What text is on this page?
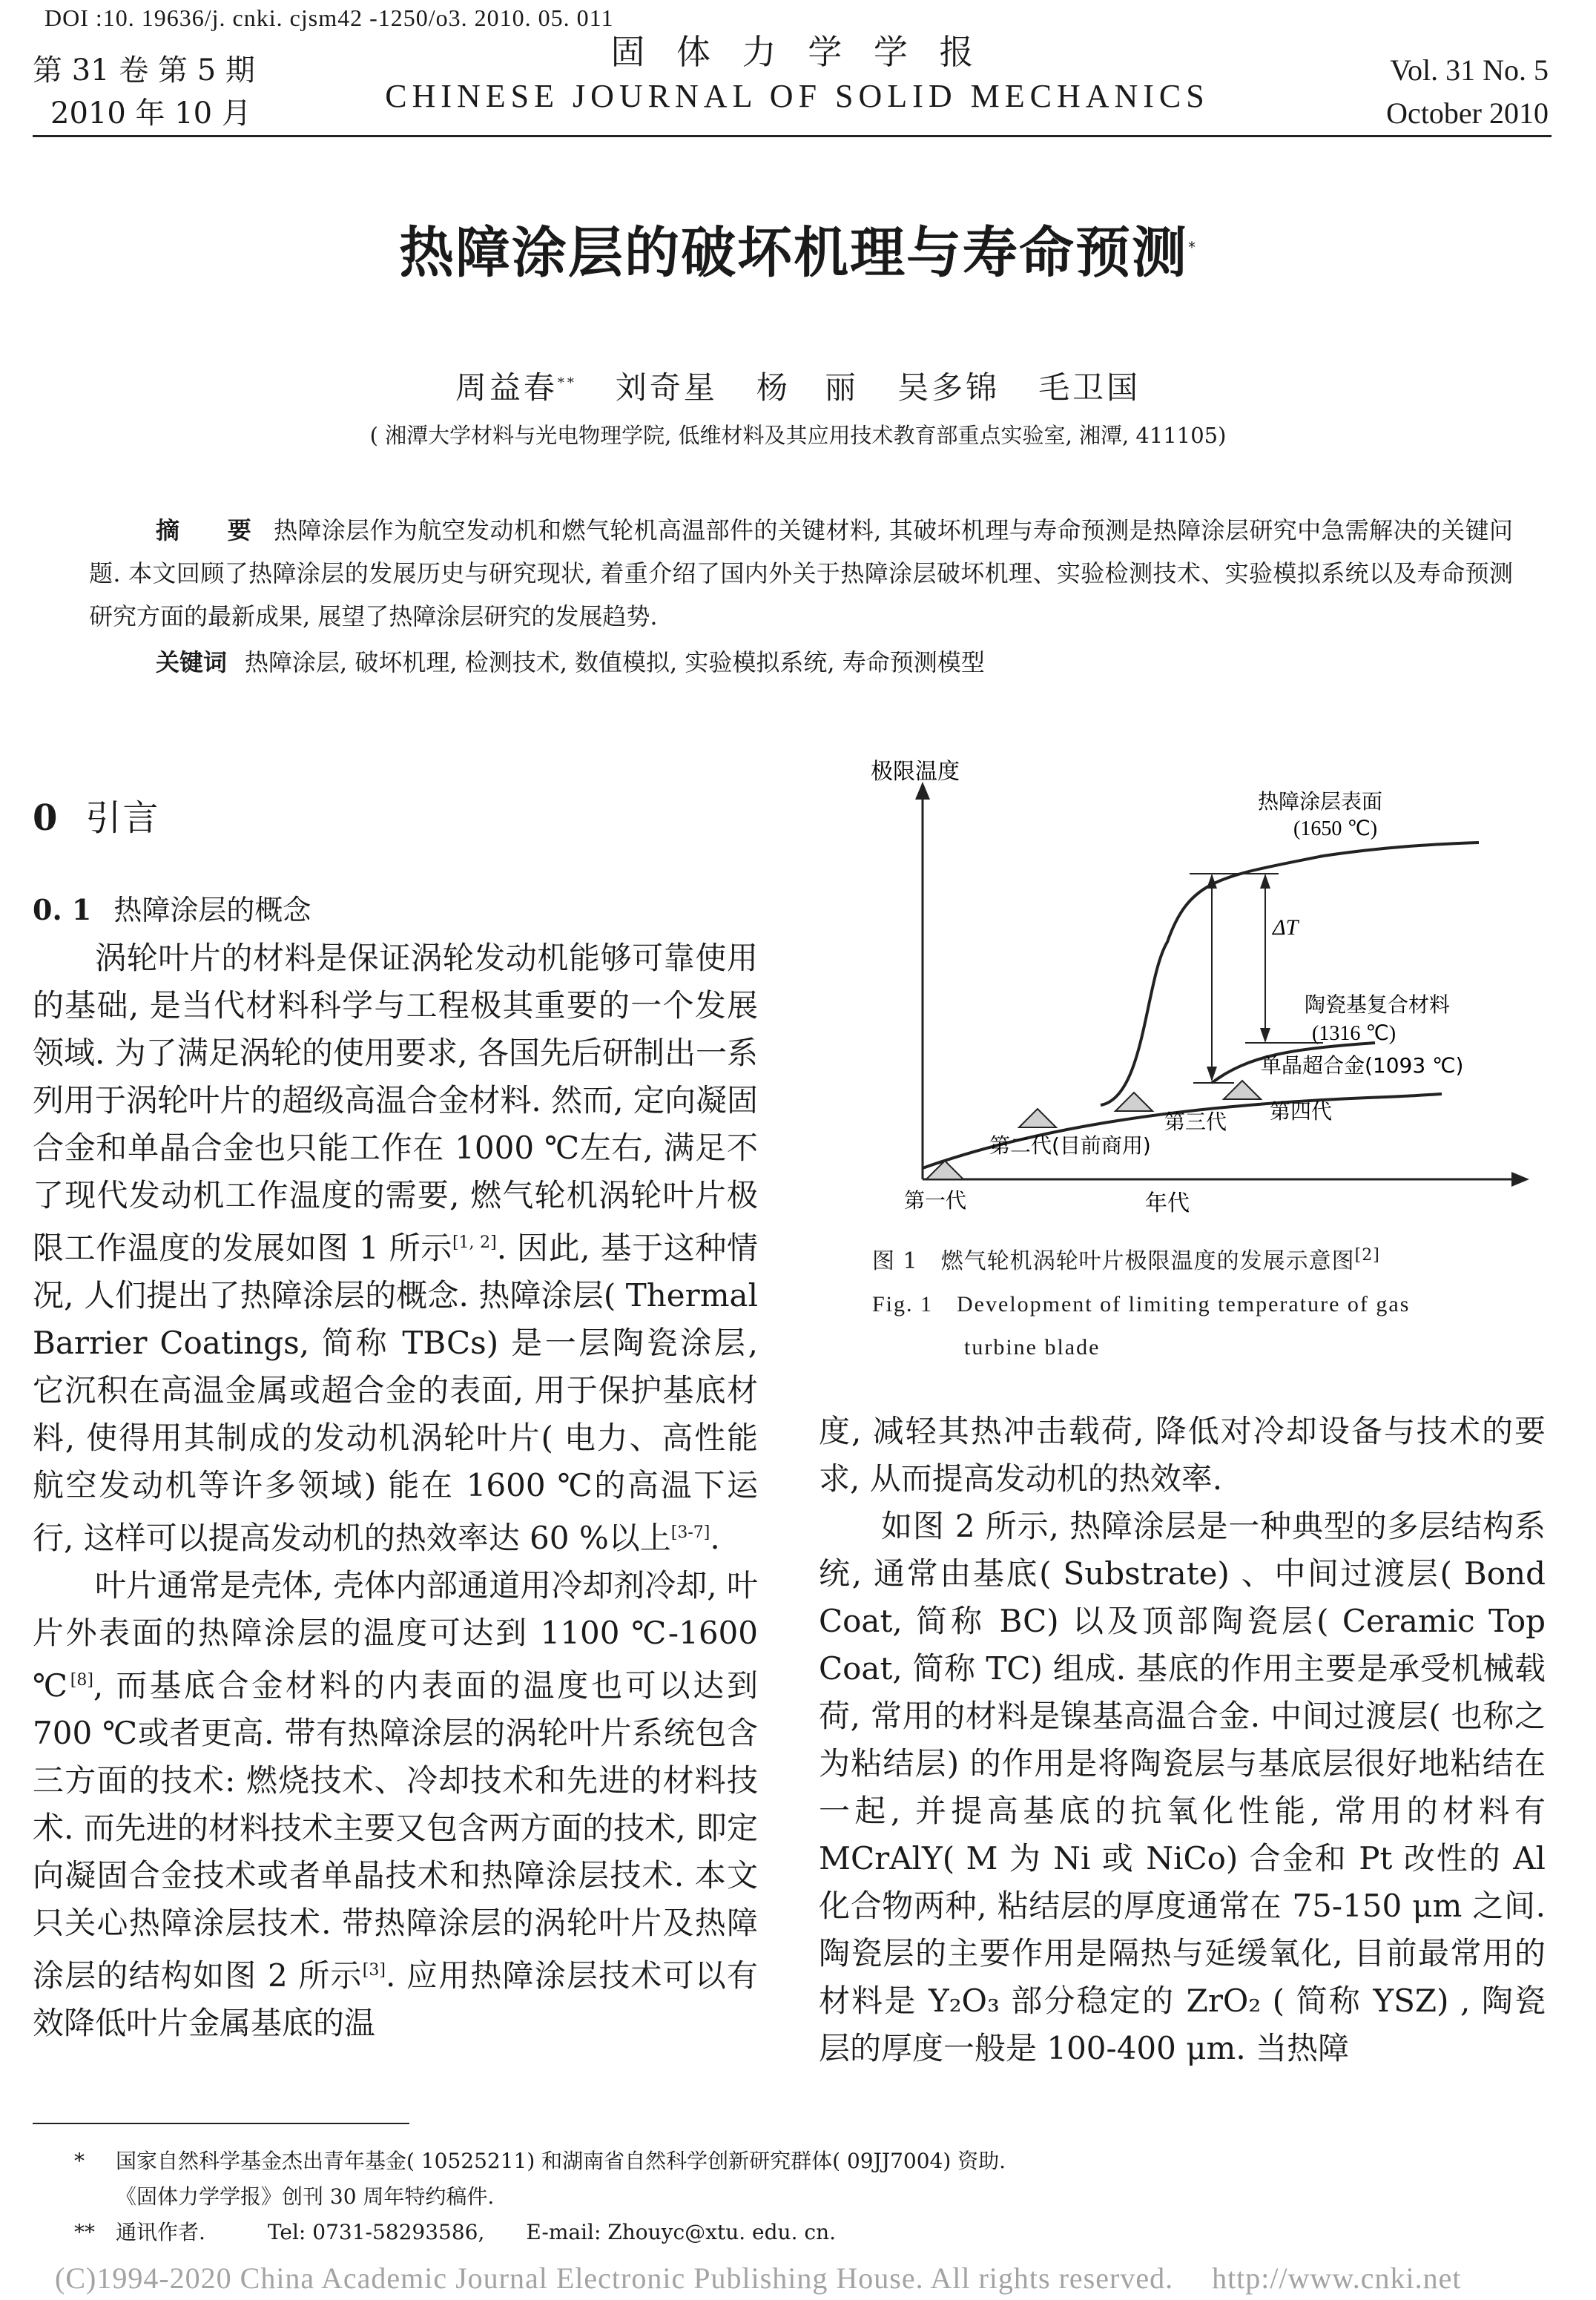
DOI :10. 19636/j. cnki. cjsm42 -1250/o3. 2010. 05. 011
第 31 卷 第 5 期
2010 年 10 月
固 体 力 学 学 报
CHINESE JOURNAL OF SOLID MECHANICS
Vol. 31 No. 5
October 2010
热障涂层的破坏机理与寿命预测*
周益春** 刘奇星 杨　丽 吴多锦 毛卫国
( 湘潭大学材料与光电物理学院, 低维材料及其应用技术教育部重点实验室, 湘潭, 411105)
摘　要 热障涂层作为航空发动机和燃气轮机高温部件的关键材料, 其破坏机理与寿命预测是热障涂层研究中急需解决的关键问题. 本文回顾了热障涂层的发展历史与研究现状, 着重介绍了国内外关于热障涂层破坏机理、实验检测技术、实验模拟系统以及寿命预测研究方面的最新成果, 展望了热障涂层研究的发展趋势.
关键词 热障涂层, 破坏机理, 检测技术, 数值模拟, 实验模拟系统, 寿命预测模型
0 引言
0. 1 热障涂层的概念

涡轮叶片的材料是保证涡轮发动机能够可靠使用的基础, 是当代材料科学与工程极其重要的一个发展领域. 为了满足涡轮的使用要求, 各国先后研制出一系列用于涡轮叶片的超级高温合金材料. 然而, 定向凝固合金和单晶合金也只能工作在 1000 ℃左右, 满足不了现代发动机工作温度的需要, 燃气轮机涡轮叶片极限工作温度的发展如图 1 所示[1, 2]. 因此, 基于这种情况, 人们提出了热障涂层的概念. 热障涂层( Thermal Barrier Coatings, 简称 TBCs) 是一层陶瓷涂层, 它沉积在高温金属或超合金的表面, 用于保护基底材料, 使得用其制成的发动机涡轮叶片( 电力、高性能航空发动机等许多领域) 能在 1600 ℃的高温下运行, 这样可以提高发动机的热效率达 60 %以上[3-7].

叶片通常是壳体, 壳体内部通道用冷却剂冷却, 叶片外表面的热障涂层的温度可达到 1100 ℃-1600 ℃[8], 而基底合金材料的内表面的温度也可以达到 700 ℃或者更高. 带有热障涂层的涡轮叶片系统包含三方面的技术: 燃烧技术、冷却技术和先进的材料技术. 而先进的材料技术主要又包含两方面的技术, 即定向凝固合金技术或者单晶技术和热障涂层技术. 本文只关心热障涂层技术. 带热障涂层的涡轮叶片及热障涂层的结构如图 2 所示[3]. 应用热障涂层技术可以有效降低叶片金属基底的温

极限温度
年代
ΔT
热障涂层表面
(1650 ℃)
陶瓷基复合材料
(1316 ℃)
单晶超合金(1093 ℃)
第一代
第二代(目前商用)
第三代 第四代
图 1　燃气轮机涡轮叶片极限温度的发展示意图[2]
Fig. 1　Development of limiting temperature of gas
turbine blade

度, 减轻其热冲击载荷, 降低对冷却设备与技术的要求, 从而提高发动机的热效率.

如图 2 所示, 热障涂层是一种典型的多层结构系统, 通常由基底( Substrate) 、中间过渡层( Bond Coat, 简称 BC) 以及顶部陶瓷层( Ceramic Top Coat, 简称 TC) 组成. 基底的作用主要是承受机械载荷, 常用的材料是镍基高温合金. 中间过渡层( 也称之为粘结层) 的作用是将陶瓷层与基底层很好地粘结在一起, 并提高基底的抗氧化性能, 常用的材料有 MCrAlY( M 为 Ni 或 NiCo) 合金和 Pt 改性的 Al 化合物两种, 粘结层的厚度通常在 75-150 μm 之间. 陶瓷层的主要作用是隔热与延缓氧化, 目前最常用的材料是 Y₂O₃ 部分稳定的 ZrO₂ ( 简称 YSZ) , 陶瓷层的厚度一般是 100-400 μm. 当热障

* 国家自然科学基金杰出青年基金( 10525211) 和湖南省自然科学创新研究群体( 09JJ7004) 资助.
《固体力学学报》创刊 30 周年特约稿件.
** 通讯作者.　　　Tel: 0731-58293586,　　E-mail: Zhouyc@xtu. edu. cn.
(C)1994-2020 China Academic Journal Electronic Publishing House. All rights reserved.　 http://www.cnki.net
